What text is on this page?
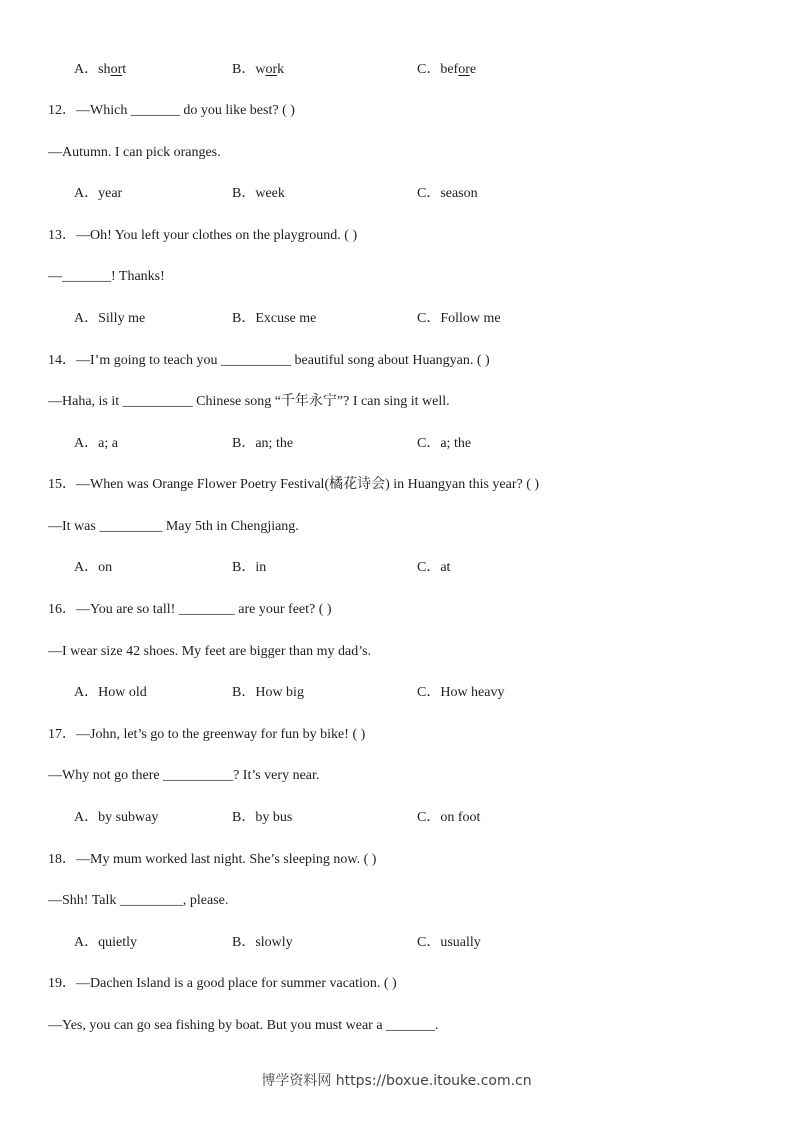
A．short	B．work	C．before
12．—Which _______ do you like best? ( )
—Autumn. I can pick oranges.
A．year	B．week	C．season
13．—Oh! You left your clothes on the playground. ( )
—_______! Thanks!
A．Silly me	B．Excuse me	C．Follow me
14．—I’m going to teach you __________ beautiful song about Huangyan. ( )
—Haha, is it __________ Chinese song “千年永宁”? I can sing it well.
A．a; a	B．an; the	C．a; the
15．—When was Orange Flower Poetry Festival(橘花诗会) in Huangyan this year? ( )
—It was _________ May 5th in Chengjiang.
A．on	B．in	C．at
16．—You are so tall! ________ are your feet? ( )
—I wear size 42 shoes. My feet are bigger than my dad’s.
A．How old	B．How big	C．How heavy
17．—John, let’s go to the greenway for fun by bike! ( )
—Why not go there __________? It’s very near.
A．by subway	B．by bus	C．on foot
18．—My mum worked last night. She’s sleeping now. ( )
—Shh! Talk _________, please.
A．quietly	B．slowly	C．usually
19．—Dachen Island is a good place for summer vacation. ( )
—Yes, you can go sea fishing by boat. But you must wear a _______.
博学资料网 https://boxue.itouke.com.cn
